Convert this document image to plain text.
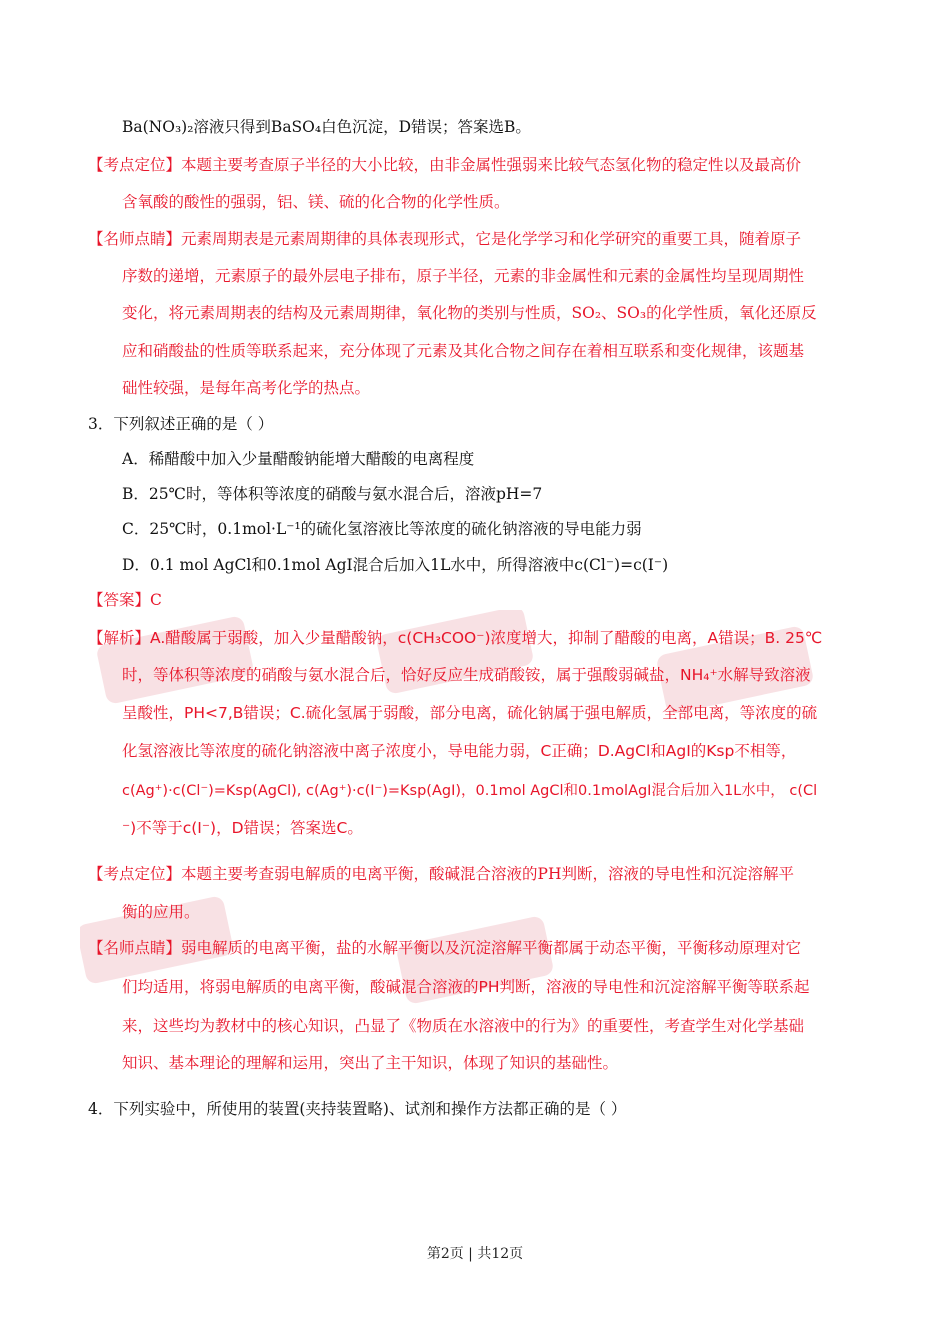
Ba(NO₃)₂溶液只得到BaSO₄白色沉淀，D错误；答案选B。
【考点定位】本题主要考查原子半径的大小比较，由非金属性强弱来比较气态氢化物的稳定性以及最高价
含氧酸的酸性的强弱，铝、镁、硫的化合物的化学性质。
【名师点睛】元素周期表是元素周期律的具体表现形式，它是化学学习和化学研究的重要工具，随着原子
序数的递增，元素原子的最外层电子排布，原子半径，元素的非金属性和元素的金属性均呈现周期性
变化，将元素周期表的结构及元素周期律，氧化物的类别与性质，SO₂、SO₃的化学性质，氧化还原反
应和硝酸盐的性质等联系起来，充分体现了元素及其化合物之间存在着相互联系和变化规律，该题基
础性较强，是每年高考化学的热点。
3．下列叙述正确的是（ ）
A．稀醋酸中加入少量醋酸钠能增大醋酸的电离程度
B．25℃时，等体积等浓度的硝酸与氨水混合后，溶液pH=7
C．25℃时，0.1mol·L⁻¹的硫化氢溶液比等浓度的硫化钠溶液的导电能力弱
D．0.1 mol AgCl和0.1mol AgI混合后加入1L水中，所得溶液中c(Cl⁻)=c(I⁻)
【答案】C
【解析】A.醋酸属于弱酸，加入少量醋酸钠，c(CH₃COO⁻)浓度增大，抑制了醋酸的电离，A错误；B. 25℃
时，等体积等浓度的硝酸与氨水混合后，恰好反应生成硝酸铵，属于强酸弱碱盐，NH₄⁺水解导致溶液
呈酸性，PH<7,B错误；C.硫化氢属于弱酸，部分电离，硫化钠属于强电解质，全部电离，等浓度的硫
化氢溶液比等浓度的硫化钠溶液中离子浓度小，导电能力弱，C正确；D.AgCl和AgI的Ksp不相等，
c(Ag⁺)·c(Cl⁻)=Ksp(AgCl), c(Ag⁺)·c(I⁻)=Ksp(AgI)，0.1mol AgCl和0.1molAgI混合后加入1L水中， c(Cl
⁻)不等于c(I⁻)，D错误；答案选C。
【考点定位】本题主要考查弱电解质的电离平衡，酸碱混合溶液的PH判断，溶液的导电性和沉淀溶解平
衡的应用。
【名师点睛】弱电解质的电离平衡，盐的水解平衡以及沉淀溶解平衡都属于动态平衡，平衡移动原理对它
们均适用，将弱电解质的电离平衡，酸碱混合溶液的PH判断，溶液的导电性和沉淀溶解平衡等联系起
来，这些均为教材中的核心知识，凸显了《物质在水溶液中的行为》的重要性，考查学生对化学基础
知识、基本理论的理解和运用，突出了主干知识，体现了知识的基础性。
4．下列实验中，所使用的装置(夹持装置略)、试剂和操作方法都正确的是（ ）
第2页 | 共12页
